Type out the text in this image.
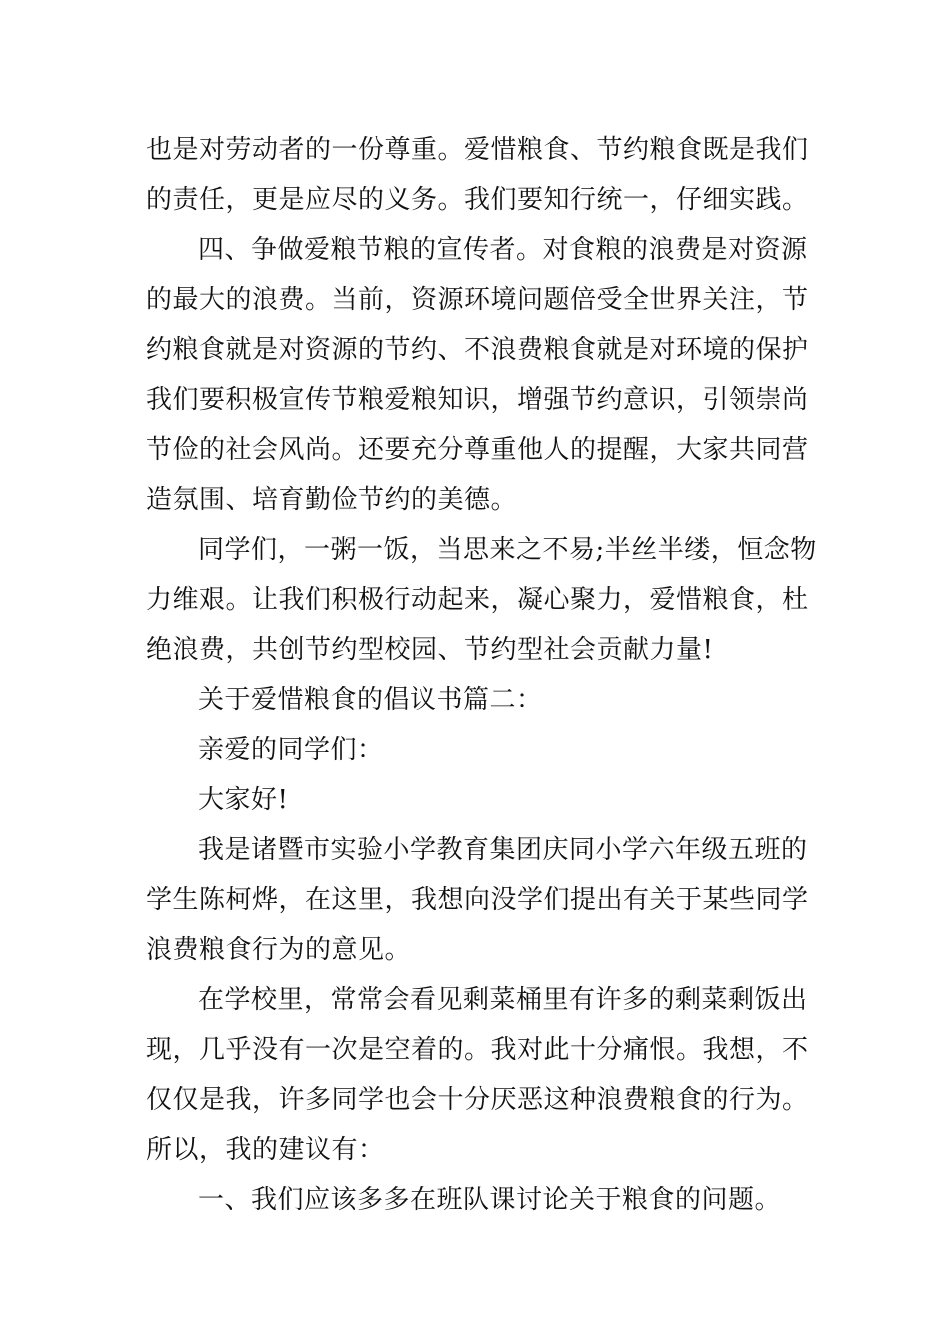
也是对劳动者的一份尊重。爱惜粮食、节约粮食既是我们
的责任，更是应尽的义务。我们要知行统一，仔细实践。
四、争做爱粮节粮的宣传者。对食粮的浪费是对资源
的最大的浪费。当前，资源环境问题倍受全世界关注，节
约粮食就是对资源的节约、不浪费粮食就是对环境的保护
我们要积极宣传节粮爱粮知识，增强节约意识，引领崇尚
节俭的社会风尚。还要充分尊重他人的提醒，大家共同营
造氛围、培育勤俭节约的美德。
同学们，一粥一饭，当思来之不易;半丝半缕，恒念物
力维艰。让我们积极行动起来，凝心聚力，爱惜粮食，杜
绝浪费，共创节约型校园、节约型社会贡献力量!
关于爱惜粮食的倡议书篇二：
亲爱的同学们：
大家好!
我是诸暨市实验小学教育集团庆同小学六年级五班的
学生陈柯烨，在这里，我想向没学们提出有关于某些同学
浪费粮食行为的意见。
在学校里，常常会看见剩菜桶里有许多的剩菜剩饭出
现，几乎没有一次是空着的。我对此十分痛恨。我想，不
仅仅是我，许多同学也会十分厌恶这种浪费粮食的行为。
所以，我的建议有：
一、我们应该多多在班队课讨论关于粮食的问题。
